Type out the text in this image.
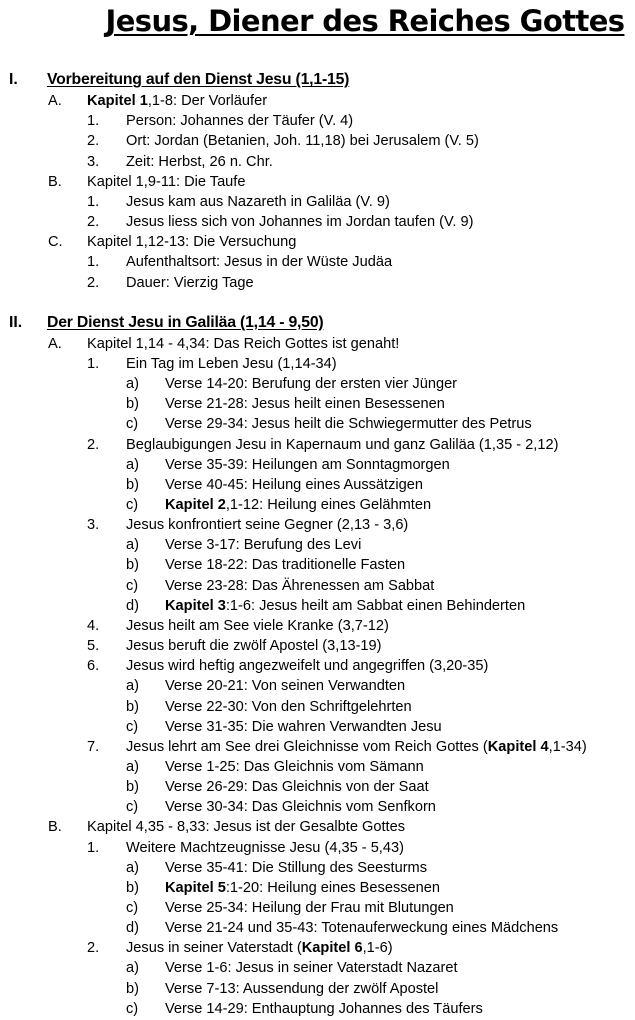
Jesus, Diener des Reiches Gottes
I. Vorbereitung auf den Dienst Jesu (1,1-15)
A. Kapitel 1,1-8: Der Vorläufer
1. Person: Johannes der Täufer (V. 4)
2. Ort: Jordan (Betanien, Joh. 11,18) bei Jerusalem (V. 5)
3. Zeit: Herbst, 26 n. Chr.
B. Kapitel 1,9-11: Die Taufe
1. Jesus kam aus Nazareth in Galiläa (V. 9)
2. Jesus liess sich von Johannes im Jordan taufen (V. 9)
C. Kapitel 1,12-13: Die Versuchung
1. Aufenthaltsort: Jesus in der Wüste Judäa
2. Dauer: Vierzig Tage
II. Der Dienst Jesu in Galiläa (1,14 - 9,50)
A. Kapitel 1,14 - 4,34: Das Reich Gottes ist genaht!
1. Ein Tag im Leben Jesu (1,14-34)
a) Verse 14-20: Berufung der ersten vier Jünger
b) Verse 21-28: Jesus heilt einen Besessenen
c) Verse 29-34: Jesus heilt die Schwiegermutter des Petrus
2. Beglaubigungen Jesu in Kapernaum und ganz Galiläa (1,35 - 2,12)
a) Verse 35-39: Heilungen am Sonntagmorgen
b) Verse 40-45: Heilung eines Aussätzigen
c) Kapitel 2,1-12: Heilung eines Gelähmten
3. Jesus konfrontiert seine Gegner (2,13 - 3,6)
a) Verse 3-17: Berufung des Levi
b) Verse 18-22: Das traditionelle Fasten
c) Verse 23-28: Das Ährenessen am Sabbat
d) Kapitel 3:1-6: Jesus heilt am Sabbat einen Behinderten
4. Jesus heilt am See viele Kranke (3,7-12)
5. Jesus beruft die zwölf Apostel (3,13-19)
6. Jesus wird heftig angezweifelt und angegriffen (3,20-35)
a) Verse 20-21: Von seinen Verwandten
b) Verse 22-30: Von den Schriftgelehrten
c) Verse 31-35: Die wahren Verwandten Jesu
7. Jesus lehrt am See drei Gleichnisse vom Reich Gottes (Kapitel 4,1-34)
a) Verse 1-25: Das Gleichnis vom Sämann
b) Verse 26-29: Das Gleichnis von der Saat
c) Verse 30-34: Das Gleichnis vom Senfkorn
B. Kapitel 4,35 - 8,33: Jesus ist der Gesalbte Gottes
1. Weitere Machtzeugnisse Jesu (4,35 - 5,43)
a) Verse 35-41: Die Stillung des Seesturms
b) Kapitel 5:1-20: Heilung eines Besessenen
c) Verse 25-34: Heilung der Frau mit Blutungen
d) Verse 21-24 und 35-43: Totenauferweckung eines Mädchens
2. Jesus in seiner Vaterstadt (Kapitel 6,1-6)
a) Verse 1-6: Jesus in seiner Vaterstadt Nazaret
b) Verse 7-13: Aussendung der zwölf Apostel
c) Verse 14-29: Enthauptung Johannes des Täufers
